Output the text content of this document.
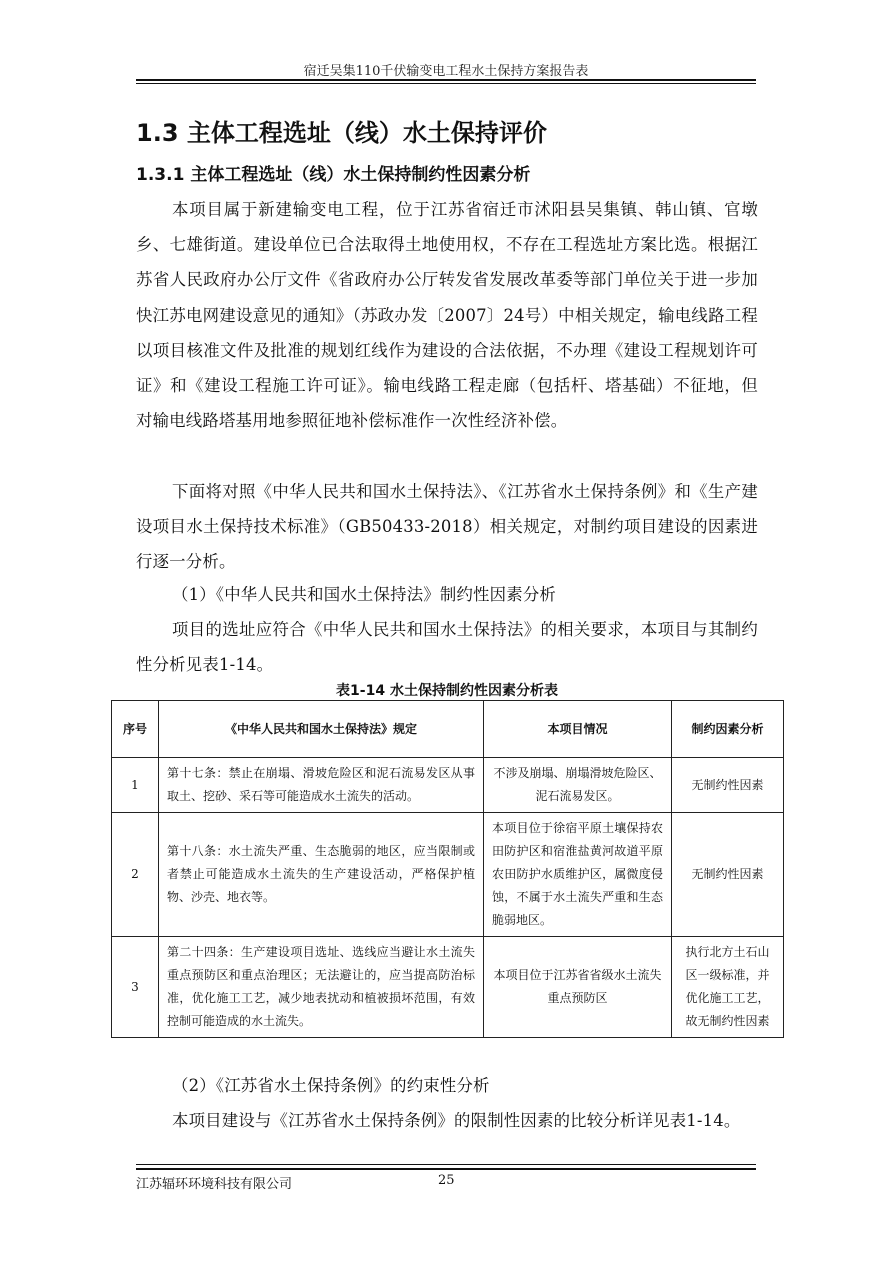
宿迁吴集110千伏输变电工程水土保持方案报告表
1.3 主体工程选址（线）水土保持评价
1.3.1 主体工程选址（线）水土保持制约性因素分析
本项目属于新建输变电工程，位于江苏省宿迁市沭阳县吴集镇、韩山镇、官墩乡、七雄街道。建设单位已合法取得土地使用权，不存在工程选址方案比选。根据江苏省人民政府办公厅文件《省政府办公厅转发省发展改革委等部门单位关于进一步加快江苏电网建设意见的通知》（苏政办发〔2007〕24号）中相关规定，输电线路工程以项目核准文件及批准的规划红线作为建设的合法依据，不办理《建设工程规划许可证》和《建设工程施工许可证》。输电线路工程走廊（包括杆、塔基础）不征地，但对输电线路塔基用地参照征地补偿标准作一次性经济补偿。
下面将对照《中华人民共和国水土保持法》、《江苏省水土保持条例》和《生产建设项目水土保持技术标准》（GB50433-2018）相关规定，对制约项目建设的因素进行逐一分析。
（1）《中华人民共和国水土保持法》制约性因素分析
项目的选址应符合《中华人民共和国水土保持法》的相关要求，本项目与其制约性分析见表1-14。
表1-14 水土保持制约性因素分析表
序号	《中华人民共和国水土保持法》规定	本项目情况	制约因素分析
1	第十七条：禁止在崩塌、滑坡危险区和泥石流易发区从事取土、挖砂、采石等可能造成水土流失的活动。	不涉及崩塌、崩塌滑坡危险区、泥石流易发区。	无制约性因素
2	第十八条：水土流失严重、生态脆弱的地区，应当限制或者禁止可能造成水土流失的生产建设活动，严格保护植物、沙壳、地衣等。	本项目位于徐宿平原土壤保持农田防护区和宿淮盐黄河故道平原农田防护水质维护区，属微度侵蚀，不属于水土流失严重和生态脆弱地区。	无制约性因素
3	第二十四条：生产建设项目选址、选线应当避让水土流失重点预防区和重点治理区；无法避让的，应当提高防治标准，优化施工工艺，减少地表扰动和植被损坏范围，有效控制可能造成的水土流失。	本项目位于江苏省省级水土流失重点预防区	执行北方土石山区一级标准，并优化施工工艺，故无制约性因素
（2）《江苏省水土保持条例》的约束性分析
本项目建设与《江苏省水土保持条例》的限制性因素的比较分析详见表1-14。
江苏辐环环境科技有限公司	25
